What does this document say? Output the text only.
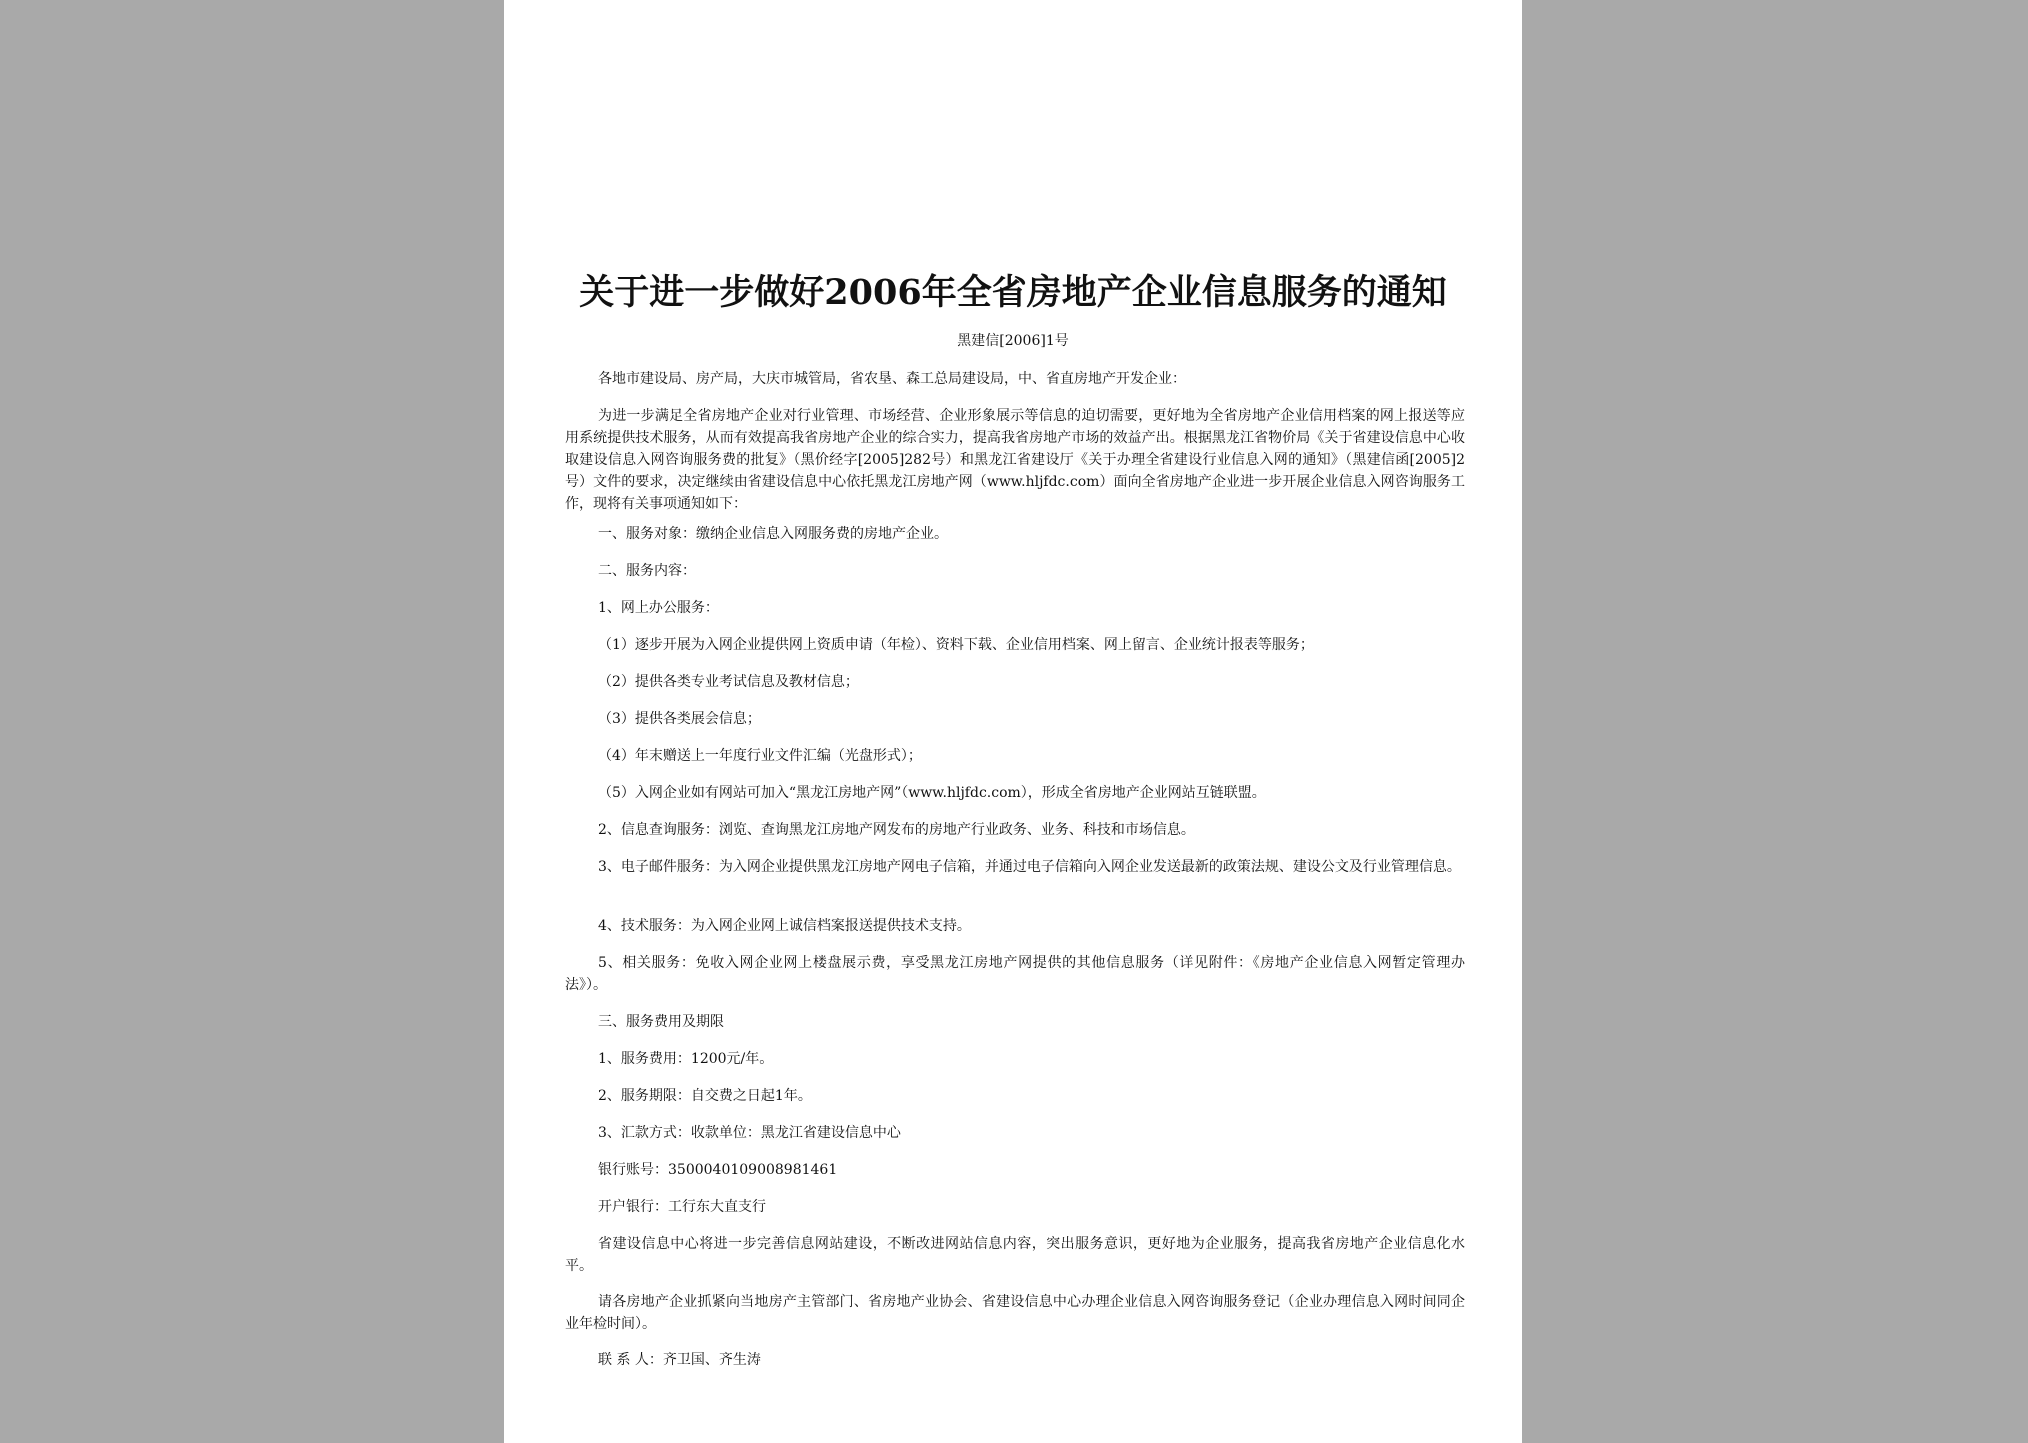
关于进一步做好2006年全省房地产企业信息服务的通知

黑建信[2006]1号

各地市建设局、房产局，大庆市城管局，省农垦、森工总局建设局，中、省直房地产开发企业：

为进一步满足全省房地产企业对行业管理、市场经营、企业形象展示等信息的迫切需要，更好地为全省房地产企业信用档案的网上报送等应用系统提供技术服务，从而有效提高我省房地产企业的综合实力，提高我省房地产市场的效益产出。根据黑龙江省物价局《关于省建设信息中心收取建设信息入网咨询服务费的批复》（黑价经字[2005]282号）和黑龙江省建设厅《关于办理全省建设行业信息入网的通知》（黑建信函[2005]2号）文件的要求，决定继续由省建设信息中心依托黑龙江房地产网（www.hljfdc.com）面向全省房地产企业进一步开展企业信息入网咨询服务工作，现将有关事项通知如下：

一、服务对象：缴纳企业信息入网服务费的房地产企业。

二、服务内容：

1、网上办公服务：

（1）逐步开展为入网企业提供网上资质申请（年检）、资料下载、企业信用档案、网上留言、企业统计报表等服务；

（2）提供各类专业考试信息及教材信息；

（3）提供各类展会信息；

（4）年末赠送上一年度行业文件汇编（光盘形式）；

（5）入网企业如有网站可加入“黑龙江房地产网”（www.hljfdc.com），形成全省房地产企业网站互链联盟。

2、信息查询服务：浏览、查询黑龙江房地产网发布的房地产行业政务、业务、科技和市场信息。

3、电子邮件服务：为入网企业提供黑龙江房地产网电子信箱，并通过电子信箱向入网企业发送最新的政策法规、建设公文及行业管理信息。

4、技术服务：为入网企业网上诚信档案报送提供技术支持。

5、相关服务：免收入网企业网上楼盘展示费，享受黑龙江房地产网提供的其他信息服务（详见附件：《房地产企业信息入网暂定管理办法》）。

三、服务费用及期限

1、服务费用：1200元/年。

2、服务期限：自交费之日起1年。

3、汇款方式：收款单位：黑龙江省建设信息中心

银行账号：3500040109008981461

开户银行：工行东大直支行

省建设信息中心将进一步完善信息网站建设，不断改进网站信息内容，突出服务意识，更好地为企业服务，提高我省房地产企业信息化水平。

请各房地产企业抓紧向当地房产主管部门、省房地产业协会、省建设信息中心办理企业信息入网咨询服务登记（企业办理信息入网时间同企业年检时间）。

联 系 人：齐卫国、齐生涛
